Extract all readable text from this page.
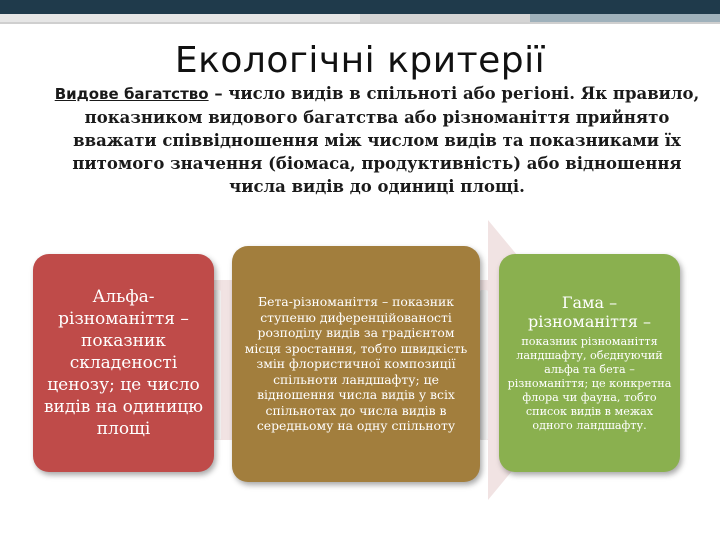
Екологічні критерії
Видове багатство – число видів в спільноті або регіоні. Як правило, показником видового багатства або різноманіття прийнято вважати співвідношення між числом видів та показниками їх питомого значення (біомаса, продуктивність) або відношення числа видів до одиниці площі.
Альфа-різноманіття – показник складеності ценозу; це число видів на одиницю площі
Бета-різноманіття – показник ступеню диференційованості розподілу видів за градієнтом місця зростання, тобто швидкість змін флористичної композиції спільноти ландшафту; це відношення числа видів у всіх спільнотах до числа видів в середньому на одну спільноту
Гама – різноманіття –
показник різноманіття ландшафту, обєднуючий альфа та бета – різноманіття; це конкретна флора чи фауна, тобто список видів в межах одного ландшафту.
